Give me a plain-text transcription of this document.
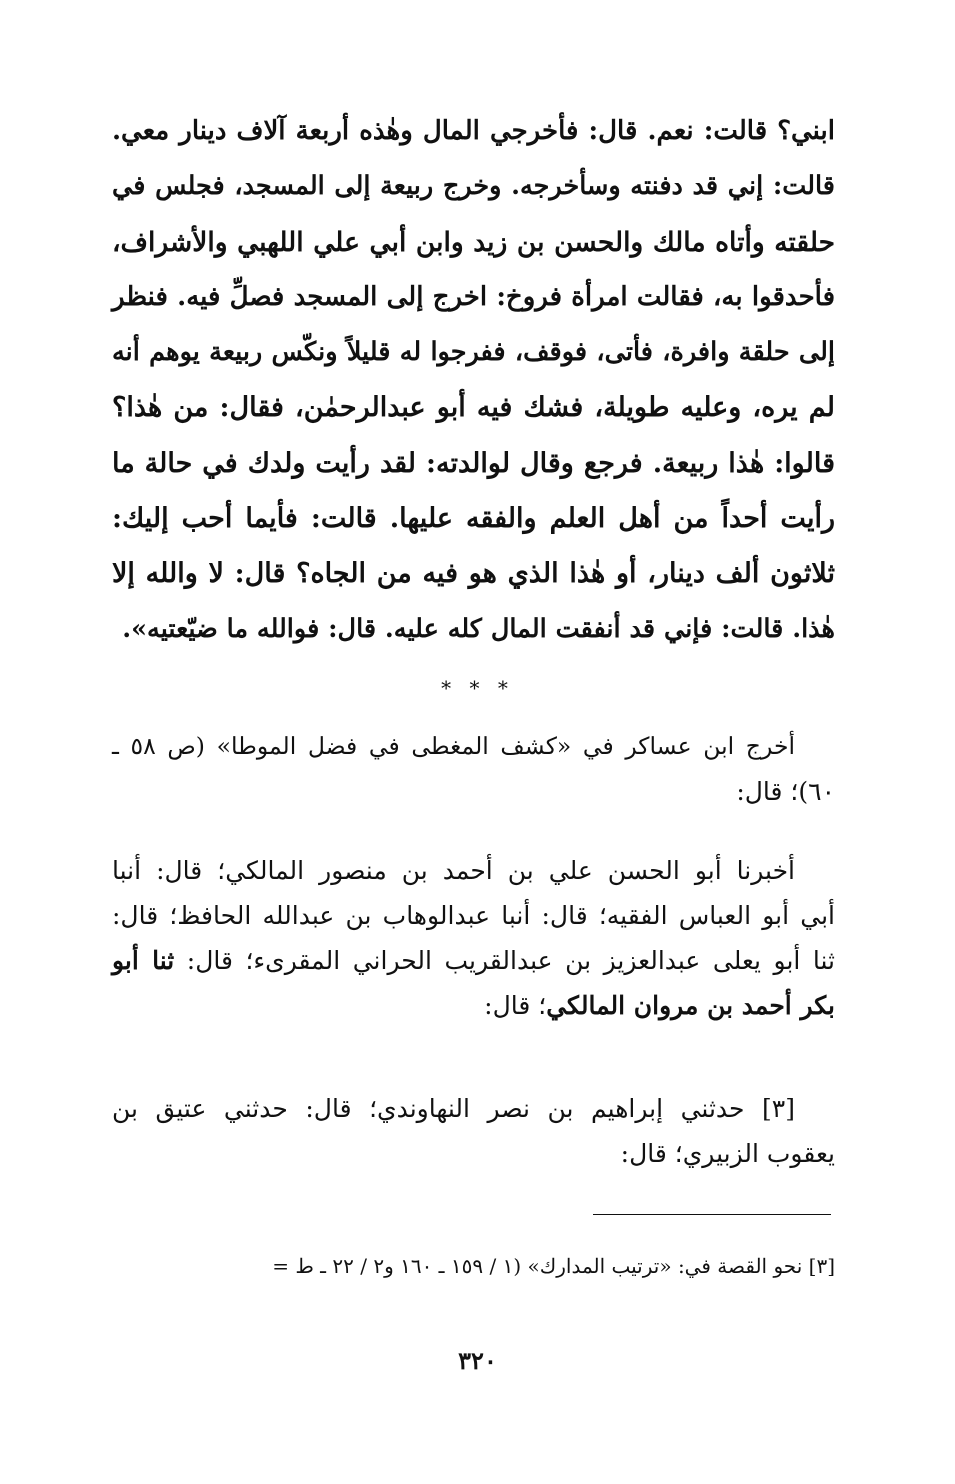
ابني؟ قالت: نعم. قال: فأخرجي المال وهٰذه أربعة آلاف دينار معي.
قالت: إني قد دفنته وسأخرجه. وخرج ربيعة إلى المسجد، فجلس في
حلقته وأتاه مالك والحسن بن زيد وابن أبي علي اللهبي والأشراف،
فأحدقوا به، فقالت امرأة فروخ: اخرج إلى المسجد فصلِّ فيه. فنظر
إلى حلقة وافرة، فأتى، فوقف، ففرجوا له قليلاً ونكّس ربيعة يوهم أنه
لم يره، وعليه طويلة، فشك فيه أبو عبدالرحمٰن، فقال: من هٰذا؟
قالوا: هٰذا ربيعة. فرجع وقال لوالدته: لقد رأيت ولدك في حالة ما
رأيت أحداً من أهل العلم والفقه عليها. قالت: فأيما أحب إليك:
ثلاثون ألف دينار، أو هٰذا الذي هو فيه من الجاه؟ قال: لا والله إلا
هٰذا. قالت: فإني قد أنفقت المال كله عليه. قال: فوالله ما ضيّعتيه».
* * *
أخرج ابن عساكر في «كشف المغطى في فضل الموطا» (ص ٥٨ ـ
٦٠)؛ قال:
أخبرنا أبو الحسن علي بن أحمد بن منصور المالكي؛ قال: أنبا
أبي أبو العباس الفقيه؛ قال: أنبا عبدالوهاب بن عبدالله الحافظ؛ قال:
ثنا أبو يعلى عبدالعزيز بن عبدالقريب الحراني المقرىء؛ قال: ثنا أبو
بكر أحمد بن مروان المالكي؛ قال:
[٣] حدثني إبراهيم بن نصر النهاوندي؛ قال: حدثني عتيق بن
يعقوب الزبيري؛ قال:
[٣] نحو القصة في: «ترتيب المدارك» (١ / ١٥٩ ـ ١٦٠ و٢ / ٢٢ ـ ط =
٣٢٠
